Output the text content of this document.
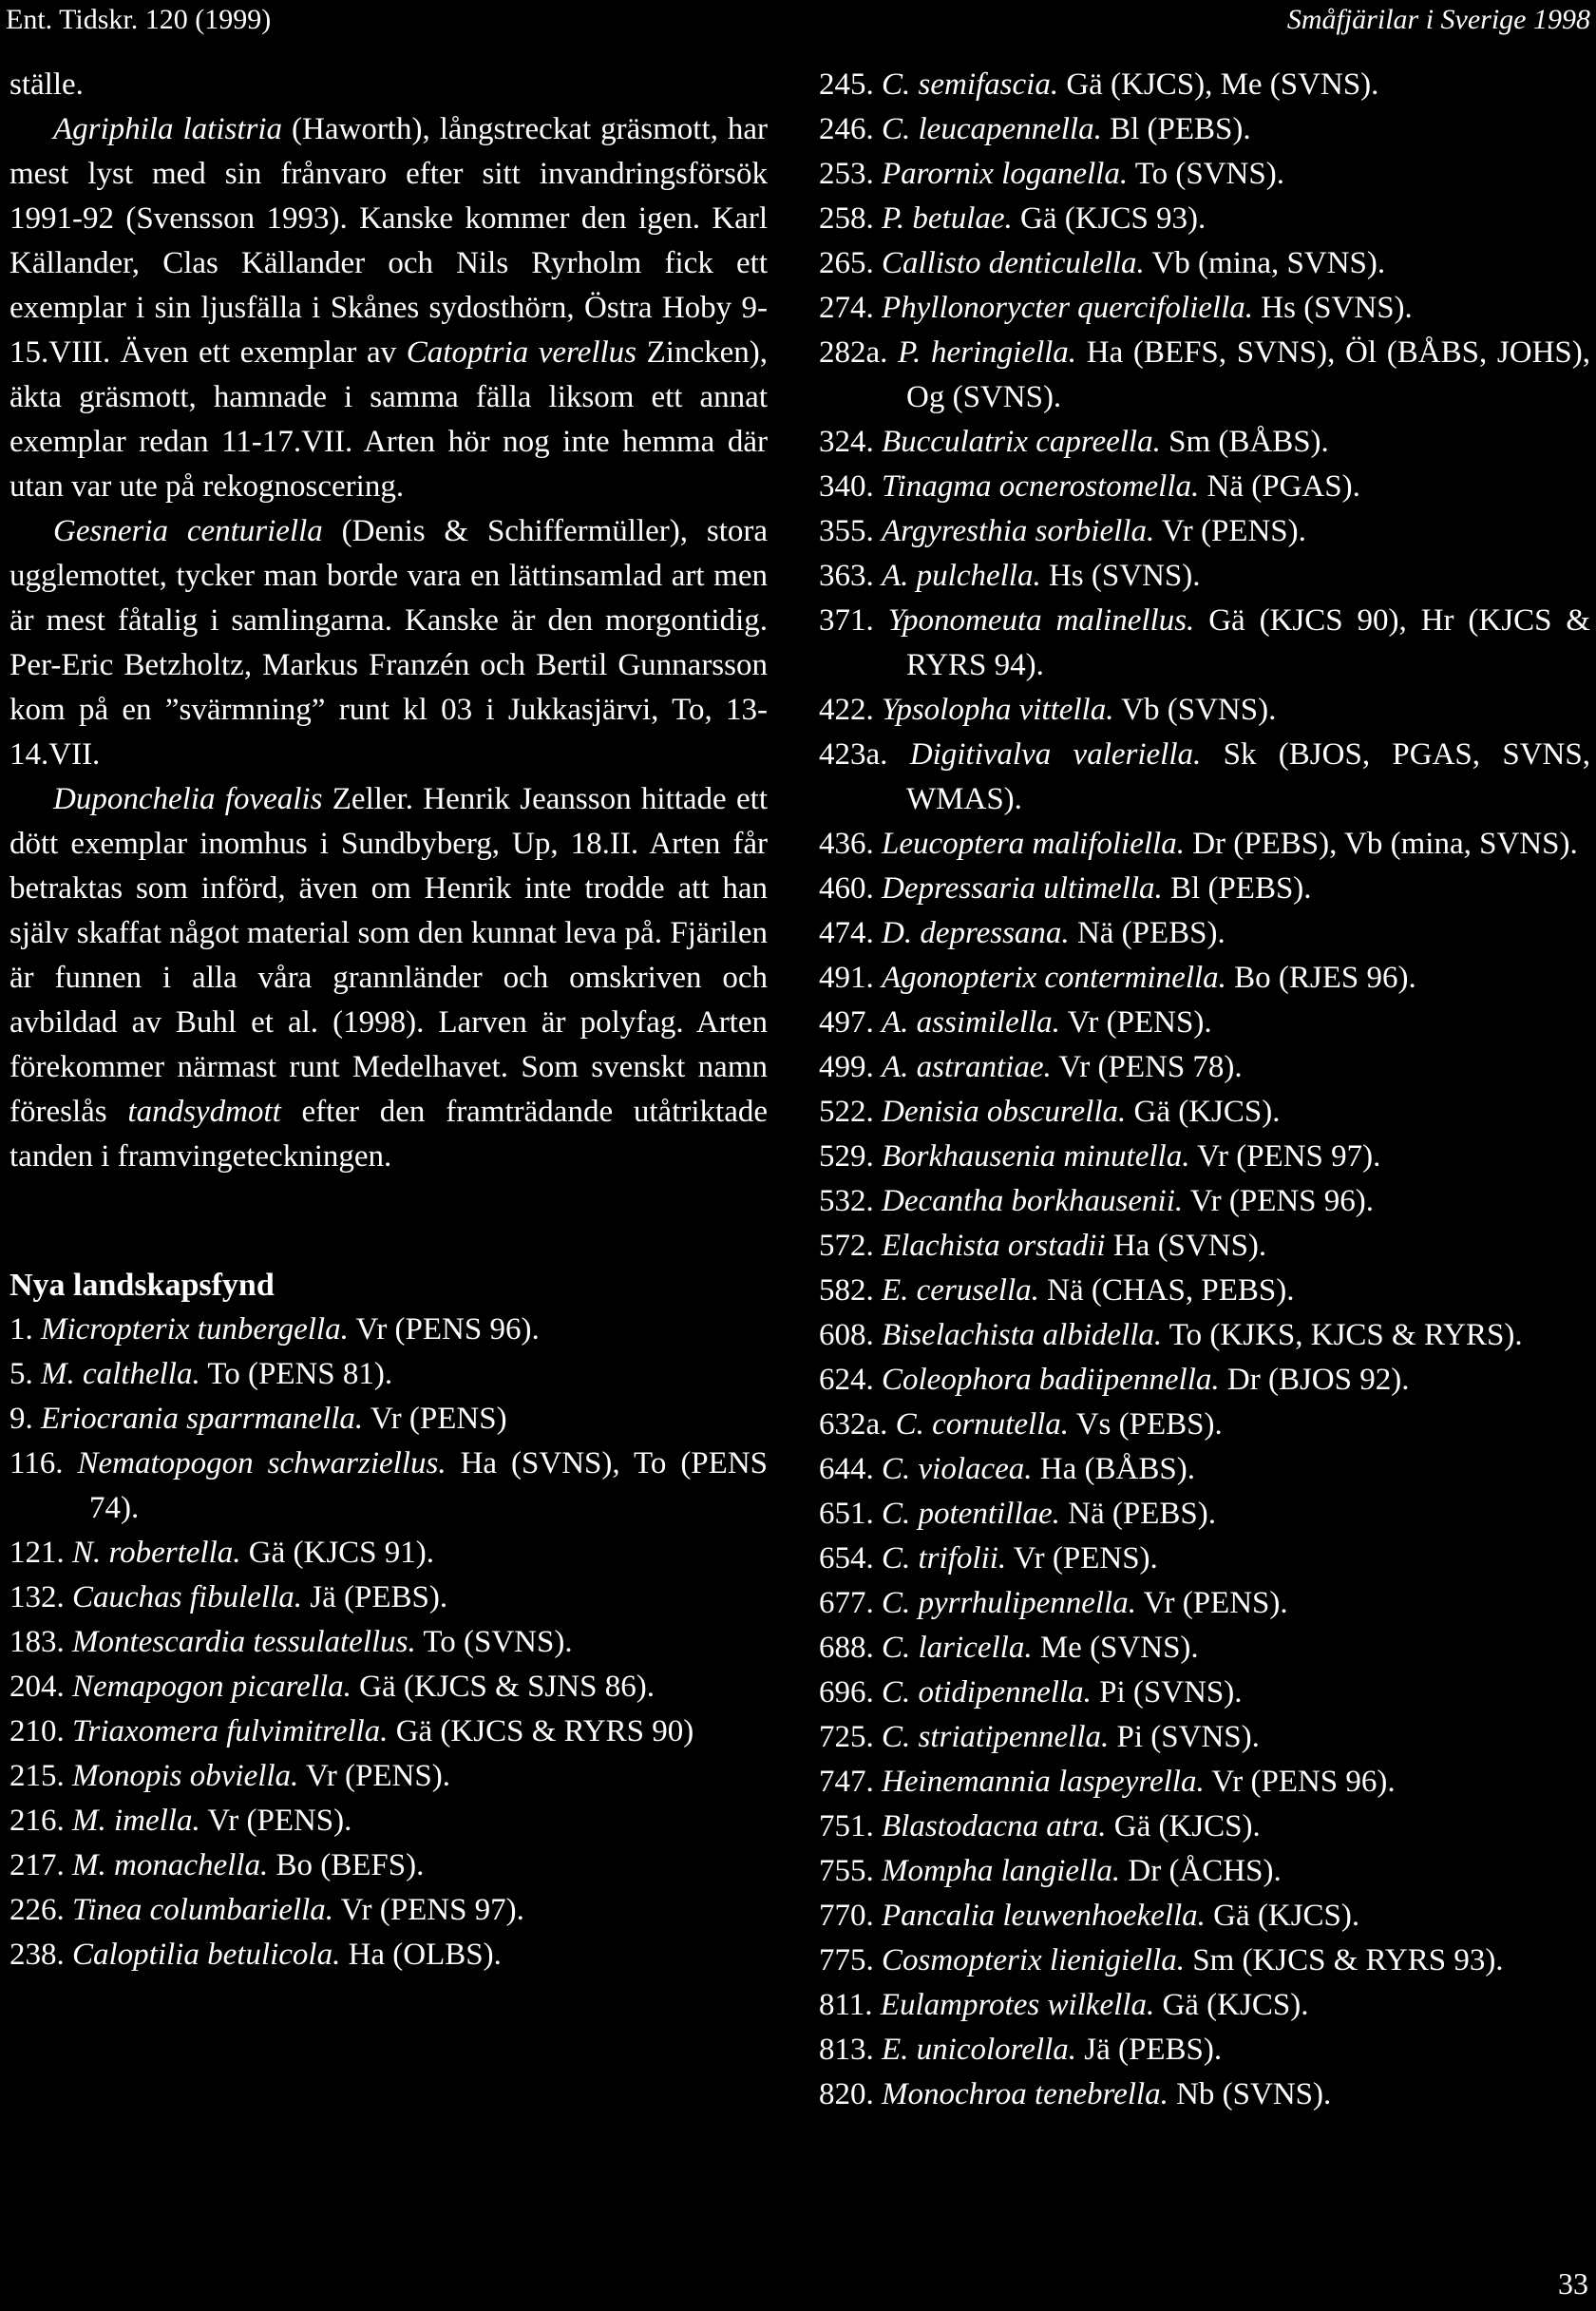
Ent. Tidskr. 120 (1999)	Småfjärilar i Sverige 1998

ställe.

Agriphila latistria (Haworth), långstreckat gräsmott, har mest lyst med sin frånvaro efter sitt invandringsförsök 1991-92 (Svensson 1993). Kanske kommer den igen. Karl Källander, Clas Källander och Nils Ryrholm fick ett exemplar i sin ljusfälla i Skånes sydosthörn, Östra Hoby 9-15.VIII. Även ett exemplar av Catoptria verellus Zincken), äkta gräsmott, hamnade i samma fälla liksom ett annat exemplar redan 11-17.VII. Arten hör nog inte hemma där utan var ute på rekognoscering.

Gesneria centuriella (Denis & Schiffermüller), stora ugglemottet, tycker man borde vara en lättinsamlad art men är mest fåtalig i samlingarna. Kanske är den morgontidig. Per-Eric Betzholtz, Markus Franzén och Bertil Gunnarsson kom på en ”svärmning” runt kl 03 i Jukkasjärvi, To, 13-14.VII.

Duponchelia fovealis Zeller. Henrik Jeansson hittade ett dött exemplar inomhus i Sundbyberg, Up, 18.II. Arten får betraktas som införd, även om Henrik inte trodde att han själv skaffat något material som den kunnat leva på. Fjärilen är funnen i alla våra grannländer och omskriven och avbildad av Buhl et al. (1998). Larven är polyfag. Arten förekommer närmast runt Medelhavet. Som svenskt namn föreslås tandsydmott efter den framträdande utåtriktade tanden i framvingeteckningen.

Nya landskapsfynd

1. Micropterix tunbergella. Vr (PENS 96).

5. M. calthella. To (PENS 81).

9. Eriocrania sparrmanella. Vr (PENS)

116. Nematopogon schwarziellus. Ha (SVNS), To (PENS 74).

121. N. robertella. Gä (KJCS 91).

132. Cauchas fibulella. Jä (PEBS).

183. Montescardia tessulatellus. To (SVNS).

204. Nemapogon picarella. Gä (KJCS & SJNS 86).

210. Triaxomera fulvimitrella. Gä (KJCS & RYRS 90)

215. Monopis obviella. Vr (PENS).

216. M. imella. Vr (PENS).

217. M. monachella. Bo (BEFS).

226. Tinea columbariella. Vr (PENS 97).

238. Caloptilia betulicola. Ha (OLBS).

245. C. semifascia. Gä (KJCS), Me (SVNS).

246. C. leucapennella. Bl (PEBS).

253. Parornix loganella. To (SVNS).

258. P. betulae. Gä (KJCS 93).

265. Callisto denticulella. Vb (mina, SVNS).

274. Phyllonorycter quercifoliella. Hs (SVNS).

282a. P. heringiella. Ha (BEFS, SVNS), Öl (BÅBS, JOHS), Og (SVNS).

324. Bucculatrix capreella. Sm (BÅBS).

340. Tinagma ocnerostomella. Nä (PGAS).

355. Argyresthia sorbiella. Vr (PENS).

363. A. pulchella. Hs (SVNS).

371. Yponomeuta malinellus. Gä (KJCS 90), Hr (KJCS & RYRS 94).

422. Ypsolopha vittella. Vb (SVNS).

423a. Digitivalva valeriella. Sk (BJOS, PGAS, SVNS, WMAS).

436. Leucoptera malifoliella. Dr (PEBS), Vb (mina, SVNS).

460. Depressaria ultimella. Bl (PEBS).

474. D. depressana. Nä (PEBS).

491. Agonopterix conterminella. Bo (RJES 96).

497. A. assimilella. Vr (PENS).

499. A. astrantiae. Vr (PENS 78).

522. Denisia obscurella. Gä (KJCS).

529. Borkhausenia minutella. Vr (PENS 97).

532. Decantha borkhausenii. Vr (PENS 96).

572. Elachista orstadii Ha (SVNS).

582. E. cerusella. Nä (CHAS, PEBS).

608. Biselachista albidella. To (KJKS, KJCS & RYRS).

624. Coleophora badiipennella. Dr (BJOS 92).

632a. C. cornutella. Vs (PEBS).

644. C. violacea. Ha (BÅBS).

651. C. potentillae. Nä (PEBS).

654. C. trifolii. Vr (PENS).

677. C. pyrrhulipennella. Vr (PENS).

688. C. laricella. Me (SVNS).

696. C. otidipennella. Pi (SVNS).

725. C. striatipennella. Pi (SVNS).

747. Heinemannia laspeyrella. Vr (PENS 96).

751. Blastodacna atra. Gä (KJCS).

755. Mompha langiella. Dr (ÅCHS).

770. Pancalia leuwenhoekella. Gä (KJCS).

775. Cosmopterix lienigiella. Sm (KJCS & RYRS 93).

811. Eulamprotes wilkella. Gä (KJCS).

813. E. unicolorella. Jä (PEBS).

820. Monochroa tenebrella. Nb (SVNS).

33
